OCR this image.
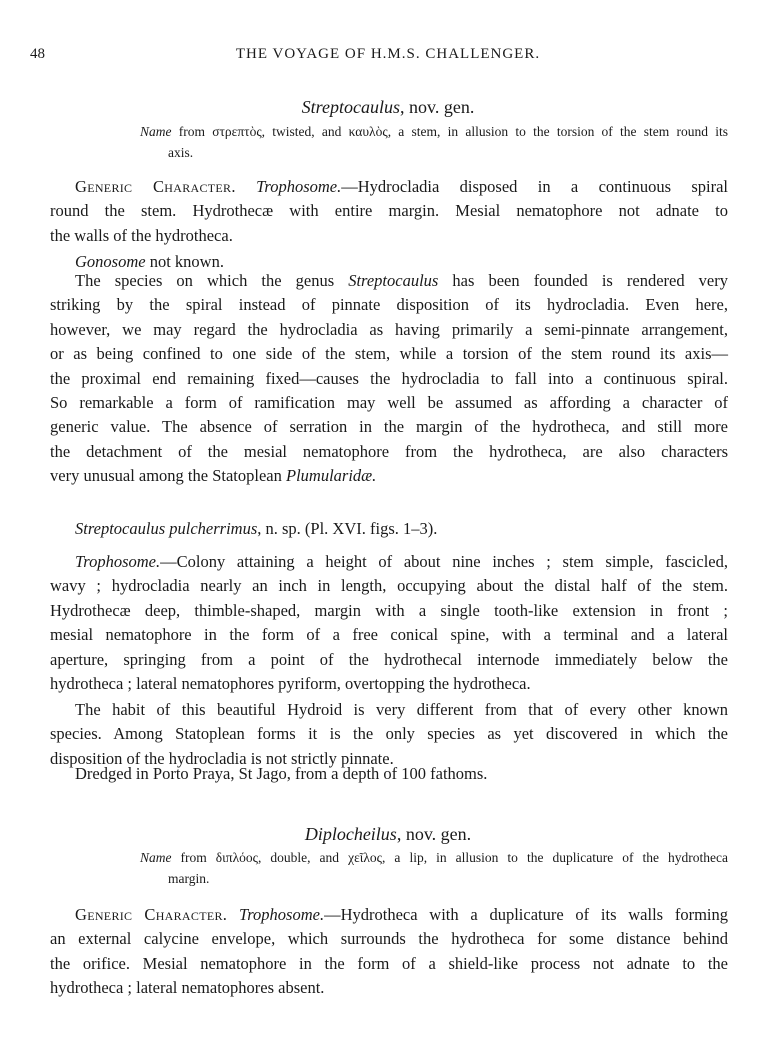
48	THE VOYAGE OF H.M.S. CHALLENGER.
Streptocaulus, nov. gen.
Name from στρεπτὸς, twisted, and καυλὸς, a stem, in allusion to the torsion of the stem round its
axis.
Generic Character. Trophosome.—Hydrocladia disposed in a continuous spiral
round the stem. Hydrothecæ with entire margin. Mesial nematophore not adnate to
the walls of the hydrotheca.
Gonosome not known.
The species on which the genus Streptocaulus has been founded is rendered very
striking by the spiral instead of pinnate disposition of its hydrocladia. Even here,
however, we may regard the hydrocladia as having primarily a semi-pinnate arrangement,
or as being confined to one side of the stem, while a torsion of the stem round its axis—
the proximal end remaining fixed—causes the hydrocladia to fall into a continuous spiral.
So remarkable a form of ramification may well be assumed as affording a character of
generic value. The absence of serration in the margin of the hydrotheca, and still more
the detachment of the mesial nematophore from the hydrotheca, are also characters
very unusual among the Statoplean Plumularidæ.
Streptocaulus pulcherrimus, n. sp. (Pl. XVI. figs. 1–3).
Trophosome.—Colony attaining a height of about nine inches ; stem simple, fascicled,
wavy ; hydrocladia nearly an inch in length, occupying about the distal half of the stem.
Hydrothecæ deep, thimble-shaped, margin with a single tooth-like extension in front ;
mesial nematophore in the form of a free conical spine, with a terminal and a lateral
aperture, springing from a point of the hydrothecal internode immediately below the
hydrotheca ; lateral nematophores pyriform, overtopping the hydrotheca.
The habit of this beautiful Hydroid is very different from that of every other known
species. Among Statoplean forms it is the only species as yet discovered in which the
disposition of the hydrocladia is not strictly pinnate.
Dredged in Porto Praya, St Jago, from a depth of 100 fathoms.
Diplocheilus, nov. gen.
Name from διπλόος, double, and χεῖλος, a lip, in allusion to the duplicature of the hydrotheca
margin.
Generic Character. Trophosome.—Hydrotheca with a duplicature of its walls forming
an external calycine envelope, which surrounds the hydrotheca for some distance behind
the orifice. Mesial nematophore in the form of a shield-like process not adnate to the
hydrotheca ; lateral nematophores absent.
